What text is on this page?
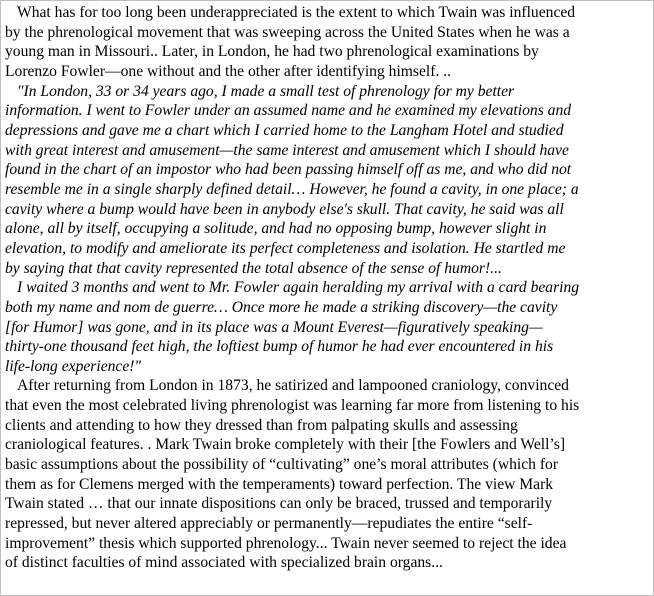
What has for too long been underappreciated is the extent to which Twain was influenced
by the phrenological movement that was sweeping across the United States when he was a
young man in Missouri.. Later, in London, he had two phrenological examinations by
Lorenzo Fowler—one without and the other after identifying himself. ..

"In London, 33 or 34 years ago, I made a small test of phrenology for my better
information. I went to Fowler under an assumed name and he examined my elevations and
depressions and gave me a chart which I carried home to the Langham Hotel and studied
with great interest and amusement—the same interest and amusement which I should have
found in the chart of an impostor who had been passing himself off as me, and who did not
resemble me in a single sharply defined detail… However, he found a cavity, in one place; a
cavity where a bump would have been in anybody else's skull. That cavity, he said was all
alone, all by itself, occupying a solitude, and had no opposing bump, however slight in
elevation, to modify and ameliorate its perfect completeness and isolation. He startled me
by saying that that cavity represented the total absence of the sense of humor!...

I waited 3 months and went to Mr. Fowler again heralding my arrival with a card bearing
both my name and nom de guerre… Once more he made a striking discovery—the cavity
[for Humor] was gone, and in its place was a Mount Everest—figuratively speaking—
thirty-one thousand feet high, the loftiest bump of humor he had ever encountered in his
life-long experience!"

After returning from London in 1873, he satirized and lampooned craniology, convinced
that even the most celebrated living phrenologist was learning far more from listening to his
clients and attending to how they dressed than from palpating skulls and assessing
craniological features. . Mark Twain broke completely with their [the Fowlers and Well’s]
basic assumptions about the possibility of “cultivating” one’s moral attributes (which for
them as for Clemens merged with the temperaments) toward perfection. The view Mark
Twain stated … that our innate dispositions can only be braced, trussed and temporarily
repressed, but never altered appreciably or permanently—repudiates the entire “self-
improvement” thesis which supported phrenology... Twain never seemed to reject the idea
of distinct faculties of mind associated with specialized brain organs...
